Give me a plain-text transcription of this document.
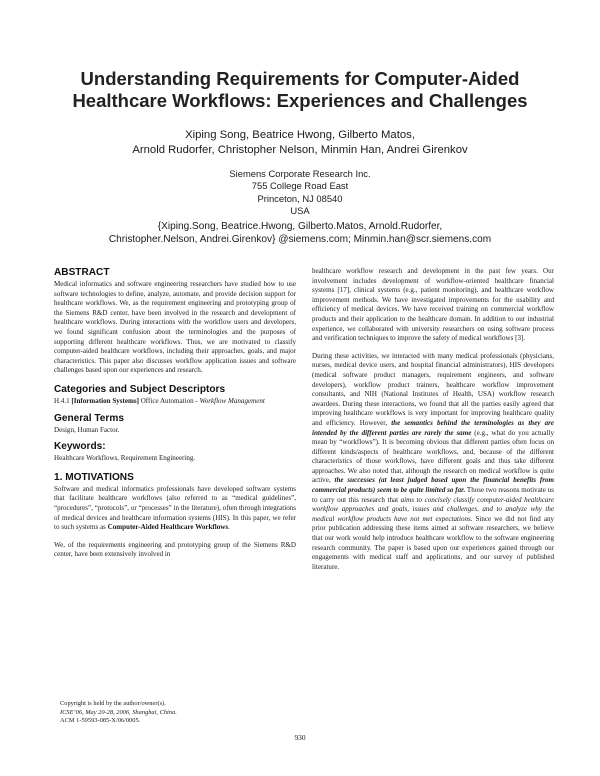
Understanding Requirements for Computer-Aided
Healthcare Workflows: Experiences and Challenges
Xiping Song, Beatrice Hwong, Gilberto Matos,
Arnold Rudorfer, Christopher Nelson, Minmin Han, Andrei Girenkov
Siemens Corporate Research Inc.
755 College Road East
Princeton, NJ 08540
USA
{Xiping.Song, Beatrice.Hwong, Gilberto.Matos, Arnold.Rudorfer,
Christopher.Nelson, Andrei.Girenkov} @siemens.com; Minmin.han@scr.siemens.com
ABSTRACT

Medical informatics and software engineering researchers have studied how to use software technologies to define, analyze, automate, and provide decision support for healthcare workflows. We, as the requirement engineering and prototyping group of the Siemens R&D center, have been involved in the research and development of healthcare workflows. During interactions with the workflow users and developers, we found significant confusion about the terminologies and the purposes of supporting different healthcare workflows. Thus, we are motivated to classify computer-aided healthcare workflows, including their approaches, goals, and major characteristics. This paper also discusses workflow application issues and software challenges based upon our experiences and research.

Categories and Subject Descriptors

H.4.1 [Information Systems] Office Automation - Workflow Management

General Terms

Design, Human Factor.

Keywords:

Healthcare Workflows, Requirement Engineering.

1. MOTIVATIONS

Software and medical informatics professionals have developed software systems that facilitate healthcare workflows (also referred to as “medical guidelines”, “procedures”, “protocols”, or “processes” in the literature), often through integrations of medical devices and healthcare information systems (HIS). In this paper, we refer to such systems as Computer-Aided Healthcare Workflows.

We, of the requirements engineering and prototyping group of the Siemens R&D center, have been extensively involved in

healthcare workflow research and development in the past few years. Our involvement includes development of workflow-oriented healthcare financial systems [17], clinical systems (e.g., patient monitoring), and healthcare workflow improvement methods. We have investigated improvements for the usability and efficiency of medical devices. We have received training on commercial workflow products and their application to the healthcare domain. In addition to our industrial experience, we collaborated with university researchers on using software process and verification techniques to improve the safety of medical workflows [3].

During these activities, we interacted with many medical professionals (physicians, nurses, medical device users, and hospital financial administrators), HIS developers (medical software product managers, requirement engineers, and software developers), workflow product trainers, healthcare workflow improvement consultants, and NIH (National Institutes of Health, USA) workflow research awardees. During these interactions, we found that all the parties easily agreed that improving healthcare workflows is very important for improving healthcare quality and efficiency. However, the semantics behind the terminologies as they are intended by the different parties are rarely the same (e.g., what do you actually mean by “workflows”). It is becoming obvious that different parties often focus on different kinds/aspects of healthcare workflows, and, because of the different characteristics of those workflows, have different goals and thus take different approaches. We also noted that, although the research on medical workflow is quite active, the successes (at least judged based upon the financial benefits from commercial products) seem to be quite limited so far. Those two reasons motivate us to carry out this research that aims to concisely classify computer-aided healthcare workflow approaches and goals, issues and challenges, and to analyze why the medical workflow products have not met expectations. Since we did not find any prior publication addressing these items aimed at software researchers, we believe that our work would help introduce healthcare workflow to the software engineering research community. The paper is based upon our experiences gained through our engagements with medical staff and applications, and our survey of published literature.

Copyright is held by the author/owner(s).
ICSE’06, May 20-28, 2006, Shanghai, China.
ACM 1-59593-085-X/06/0005.
930
